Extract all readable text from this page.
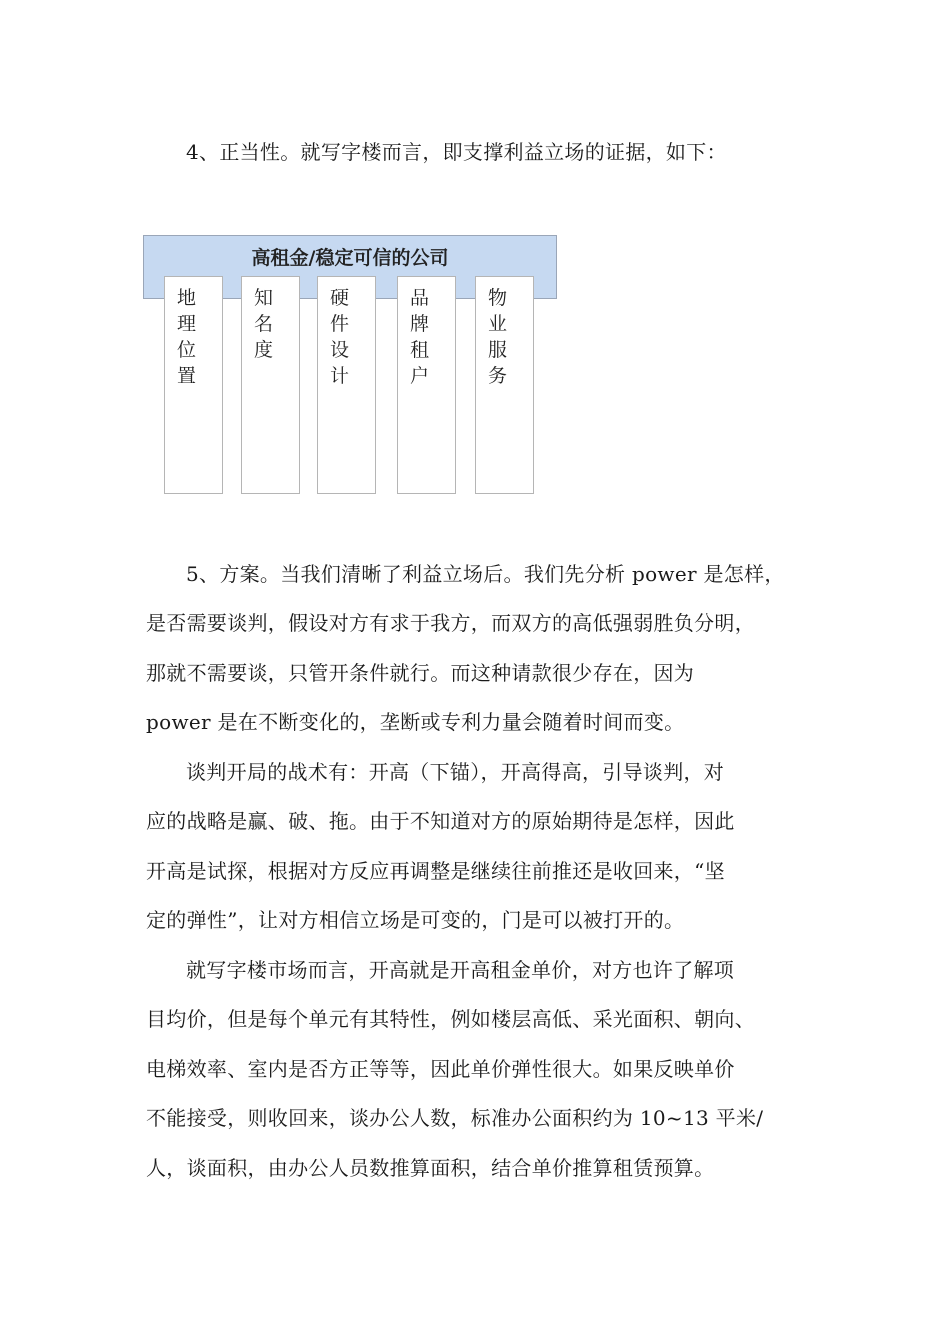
4、正当性。就写字楼而言，即支撑利益立场的证据，如下：

高租金/稳定可信的公司
地理位置
知名度
硬件设计
品牌租户
物业服务

5、方案。当我们清晰了利益立场后。我们先分析 power 是怎样，
是否需要谈判，假设对方有求于我方，而双方的高低强弱胜负分明，
那就不需要谈，只管开条件就行。而这种请款很少存在，因为
power 是在不断变化的，垄断或专利力量会随着时间而变。

谈判开局的战术有：开高（下锚），开高得高，引导谈判，对
应的战略是赢、破、拖。由于不知道对方的原始期待是怎样，因此
开高是试探，根据对方反应再调整是继续往前推还是收回来，“坚
定的弹性”，让对方相信立场是可变的，门是可以被打开的。

就写字楼市场而言，开高就是开高租金单价，对方也许了解项
目均价，但是每个单元有其特性，例如楼层高低、采光面积、朝向、
电梯效率、室内是否方正等等，因此单价弹性很大。如果反映单价
不能接受，则收回来，谈办公人数，标准办公面积约为 10~13 平米/
人，谈面积，由办公人员数推算面积，结合单价推算租赁预算。
